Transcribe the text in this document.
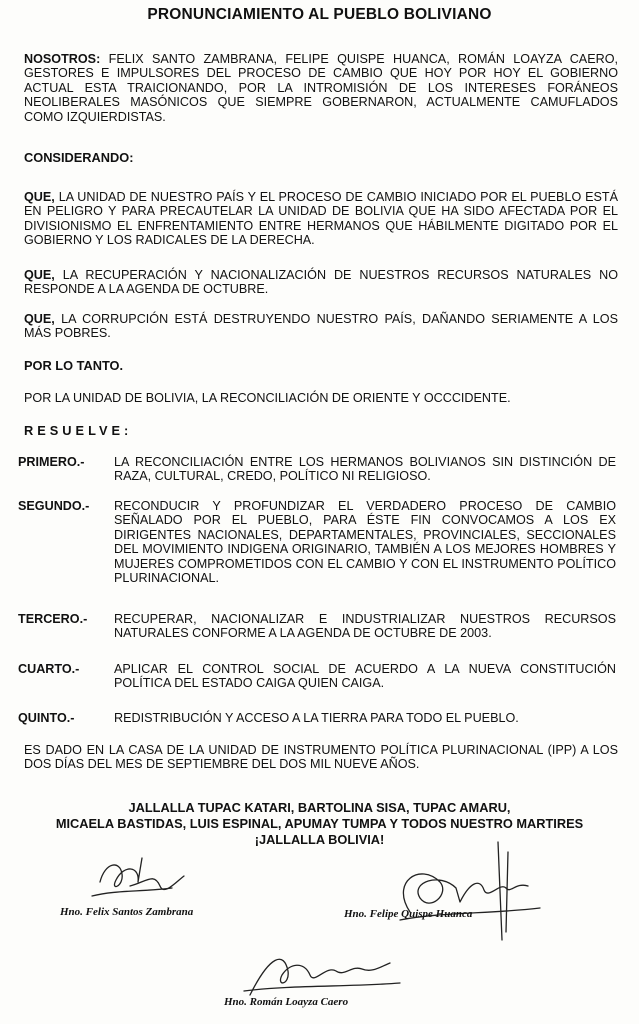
PRONUNCIAMIENTO AL PUEBLO BOLIVIANO
NOSOTROS: FELIX SANTO ZAMBRANA, FELIPE QUISPE HUANCA, ROMÁN LOAYZA CAERO, GESTORES E IMPULSORES DEL PROCESO DE CAMBIO QUE HOY POR HOY EL GOBIERNO ACTUAL ESTA TRAICIONANDO, POR LA INTROMISIÓN DE LOS INTERESES FORÁNEOS NEOLIBERALES MASÓNICOS QUE SIEMPRE GOBERNARON, ACTUALMENTE CAMUFLADOS COMO IZQUIERDISTAS.
CONSIDERANDO:
QUE, LA UNIDAD DE NUESTRO PAÍS Y EL PROCESO DE CAMBIO INICIADO POR EL PUEBLO ESTÁ EN PELIGRO Y PARA PRECAUTELAR LA UNIDAD DE BOLIVIA QUE HA SIDO AFECTADA POR EL DIVISIONISMO EL ENFRENTAMIENTO ENTRE HERMANOS QUE HÁBILMENTE DIGITADO POR EL GOBIERNO Y LOS RADICALES DE LA DERECHA.
QUE, LA RECUPERACIÓN Y NACIONALIZACIÓN DE NUESTROS RECURSOS NATURALES NO RESPONDE A LA AGENDA DE OCTUBRE.
QUE, LA CORRUPCIÓN ESTÁ DESTRUYENDO NUESTRO PAÍS, DAÑANDO SERIAMENTE A LOS MÁS POBRES.
POR LO TANTO.
POR LA UNIDAD DE BOLIVIA, LA RECONCILIACIÓN DE ORIENTE Y OCCCIDENTE.
RESUELVE:
PRIMERO.- LA RECONCILIACIÓN ENTRE LOS HERMANOS BOLIVIANOS SIN DISTINCIÓN DE RAZA, CULTURAL, CREDO, POLÍTICO NI RELIGIOSO.
SEGUNDO.- RECONDUCIR Y PROFUNDIZAR EL VERDADERO PROCESO DE CAMBIO SEÑALADO POR EL PUEBLO, PARA ÉSTE FIN CONVOCAMOS A LOS EX DIRIGENTES NACIONALES, DEPARTAMENTALES, PROVINCIALES, SECCIONALES DEL MOVIMIENTO INDIGENA ORIGINARIO, TAMBIÉN A LOS MEJORES HOMBRES Y MUJERES COMPROMETIDOS CON EL CAMBIO Y CON EL INSTRUMENTO POLÍTICO PLURINACIONAL.
TERCERO.- RECUPERAR, NACIONALIZAR E INDUSTRIALIZAR NUESTROS RECURSOS NATURALES CONFORME A LA AGENDA DE OCTUBRE DE 2003.
CUARTO.-	APLICAR EL CONTROL SOCIAL DE ACUERDO A LA NUEVA CONSTITUCIÓN POLÍTICA DEL ESTADO CAIGA QUIEN CAIGA.
QUINTO.-	REDISTRIBUCIÓN Y ACCESO A LA TIERRA PARA TODO EL PUEBLO.
ES DADO EN LA CASA DE LA UNIDAD DE INSTRUMENTO POLÍTICA PLURINACIONAL (IPP) A LOS DOS DÍAS DEL MES DE SEPTIEMBRE DEL DOS MIL NUEVE AÑOS.
JALLALLA TUPAC KATARI, BARTOLINA SISA, TUPAC AMARU,
MICAELA BASTIDAS, LUIS ESPINAL, APUMAY TUMPA Y TODOS NUESTRO MARTIRES
¡JALLALLA BOLIVIA!
Hno. Felix Santos Zambrana	Hno. Felipe Quispe Huanca
Hno. Román Loayza Caero
